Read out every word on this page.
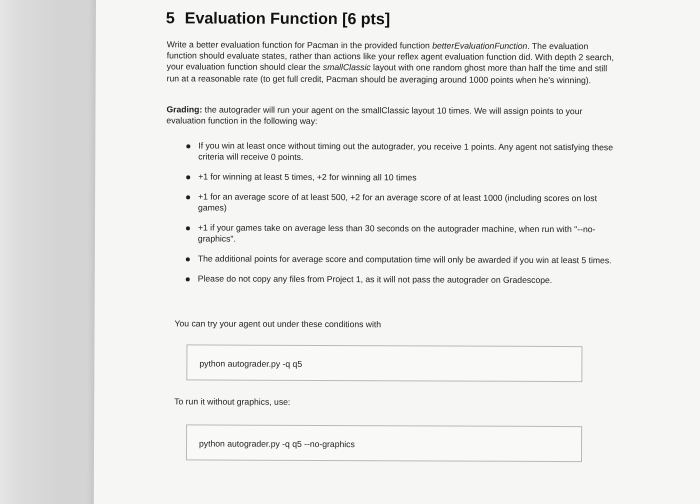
5 Evaluation Function [6 pts]
Write a better evaluation function for Pacman in the provided function betterEvaluationFunction. The evaluation function should evaluate states, rather than actions like your reflex agent evaluation function did. With depth 2 search, your evaluation function should clear the smallClassic layout with one random ghost more than half the time and still run at a reasonable rate (to get full credit, Pacman should be averaging around 1000 points when he's winning).
Grading: the autograder will run your agent on the smallClassic layout 10 times. We will assign points to your evaluation function in the following way:
If you win at least once without timing out the autograder, you receive 1 points. Any agent not satisfying these criteria will receive 0 points.
+1 for winning at least 5 times, +2 for winning all 10 times
+1 for an average score of at least 500, +2 for an average score of at least 1000 (including scores on lost games)
+1 if your games take on average less than 30 seconds on the autograder machine, when run with "--no-graphics".
The additional points for average score and computation time will only be awarded if you win at least 5 times.
Please do not copy any files from Project 1, as it will not pass the autograder on Gradescope.
You can try your agent out under these conditions with
python autograder.py -q q5
To run it without graphics, use:
python autograder.py -q q5 --no-graphics
